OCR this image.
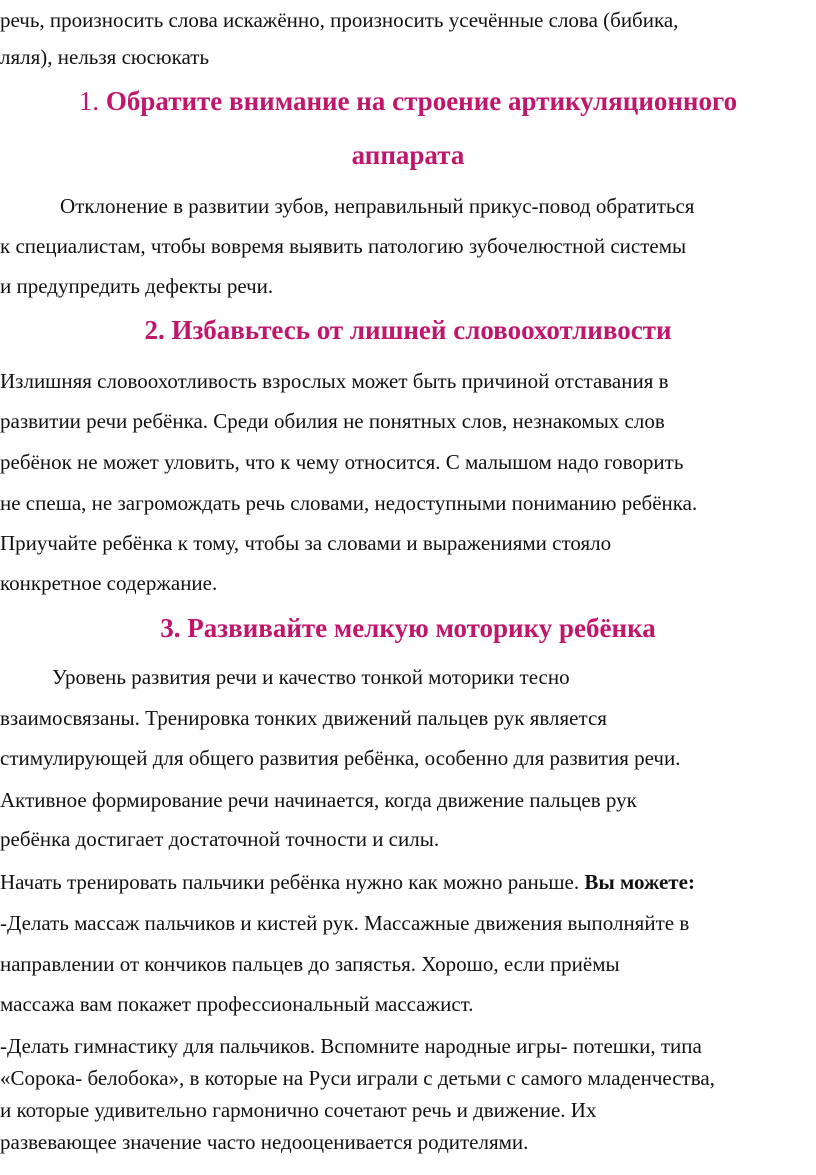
речь, произносить слова искажённо, произносить усечённые слова (бибика,

ляля), нельзя сюсюкать

1. Обратите внимание на строение артикуляционного
аппарата

Отклонение в развитии зубов, неправильный прикус-повод обратиться

к специалистам, чтобы вовремя выявить патологию зубочелюстной системы

и предупредить дефекты речи.

2. Избавьтесь от лишней словоохотливости

Излишняя словоохотливость взрослых может быть причиной отставания в

развитии речи ребёнка. Среди обилия не понятных слов, незнакомых слов

ребёнок не может уловить, что к чему относится. С малышом надо говорить

не спеша, не загромождать речь словами, недоступными пониманию ребёнка.

Приучайте ребёнка к тому, чтобы за словами и выражениями стояло

конкретное содержание.

3. Развивайте мелкую моторику ребёнка

Уровень развития речи и качество тонкой моторики тесно

взаимосвязаны. Тренировка тонких движений пальцев рук является

стимулирующей для общего развития ребёнка, особенно для развития речи.

Активное формирование речи начинается, когда движение пальцев рук

ребёнка достигает достаточной точности и силы.

Начать тренировать пальчики ребёнка нужно как можно раньше. Вы можете:

-Делать массаж пальчиков и кистей рук. Массажные движения выполняйте в

направлении от кончиков пальцев до запястья. Хорошо, если приёмы

массажа вам покажет профессиональный массажист.

-Делать гимнастику для пальчиков. Вспомните народные игры- потешки, типа

«Сорока- белобока», в которые на Руси играли с детьми с самого младенчества,

и которые удивительно гармонично сочетают речь и движение. Их

развевающее значение часто недооценивается родителями.
